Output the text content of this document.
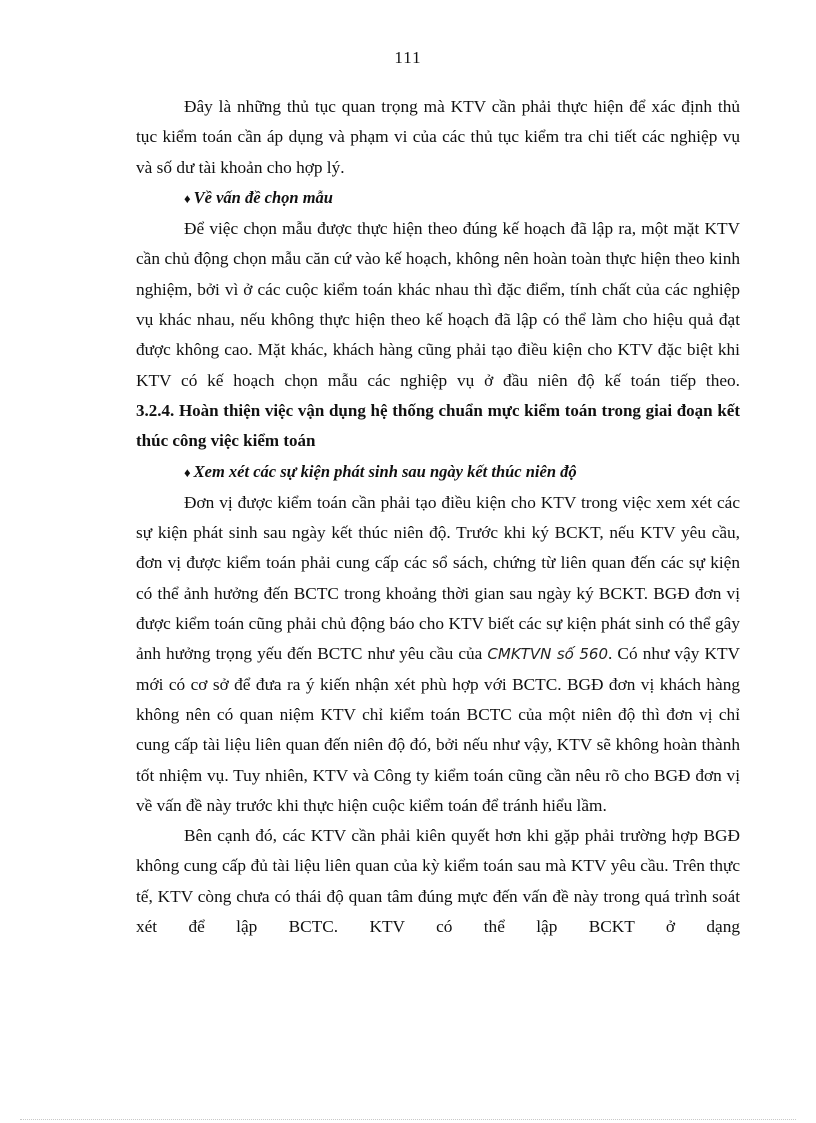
111

Đây là những thủ tục quan trọng mà KTV cần phải thực hiện để xác định thủ tục kiểm toán cần áp dụng và phạm vi của các thủ tục kiểm tra chi tiết các nghiệp vụ và số dư tài khoản cho hợp lý.

♦ Về vấn đề chọn mẫu

Để việc chọn mẫu được thực hiện theo đúng kế hoạch đã lập ra, một mặt KTV cần chủ động chọn mẫu căn cứ vào kế hoạch, không nên hoàn toàn thực hiện theo kinh nghiệm, bởi vì ở các cuộc kiểm toán khác nhau thì đặc điểm, tính chất của các nghiệp vụ khác nhau, nếu không thực hiện theo kế hoạch đã lập có thể làm cho hiệu quả đạt được không cao. Mặt khác, khách hàng cũng phải tạo điều kiện cho KTV đặc biệt khi KTV có kế hoạch chọn mẫu các nghiệp vụ ở đầu niên độ kế toán tiếp theo.

3.2.4. Hoàn thiện việc vận dụng hệ thống chuẩn mực kiểm toán trong giai đoạn kết thúc công việc kiểm toán

♦ Xem xét các sự kiện phát sinh sau ngày kết thúc niên độ

Đơn vị được kiểm toán cần phải tạo điều kiện cho KTV trong việc xem xét các sự kiện phát sinh sau ngày kết thúc niên độ. Trước khi ký BCKT, nếu KTV yêu cầu, đơn vị được kiểm toán phải cung cấp các sổ sách, chứng từ liên quan đến các sự kiện có thể ảnh hưởng đến BCTC trong khoảng thời gian sau ngày ký BCKT. BGĐ đơn vị được kiểm toán cũng phải chủ động báo cho KTV biết các sự kiện phát sinh có thể gây ảnh hưởng trọng yếu đến BCTC như yêu cầu của CMKTVN số 560. Có như vậy KTV mới có cơ sở để đưa ra ý kiến nhận xét phù hợp với BCTC. BGĐ đơn vị khách hàng không nên có quan niệm KTV chỉ kiểm toán BCTC của một niên độ thì đơn vị chỉ cung cấp tài liệu liên quan đến niên độ đó, bởi nếu như vậy, KTV sẽ không hoàn thành tốt nhiệm vụ. Tuy nhiên, KTV và Công ty kiểm toán cũng cần nêu rõ cho BGĐ đơn vị về vấn đề này trước khi thực hiện cuộc kiểm toán để tránh hiểu lầm.

Bên cạnh đó, các KTV cần phải kiên quyết hơn khi gặp phải trường hợp BGĐ không cung cấp đủ tài liệu liên quan của kỳ kiểm toán sau mà KTV yêu cầu. Trên thực tế, KTV còng chưa có thái độ quan tâm đúng mực đến vấn đề này trong quá trình soát xét để lập BCTC. KTV có thể lập BCKT ở dạng
